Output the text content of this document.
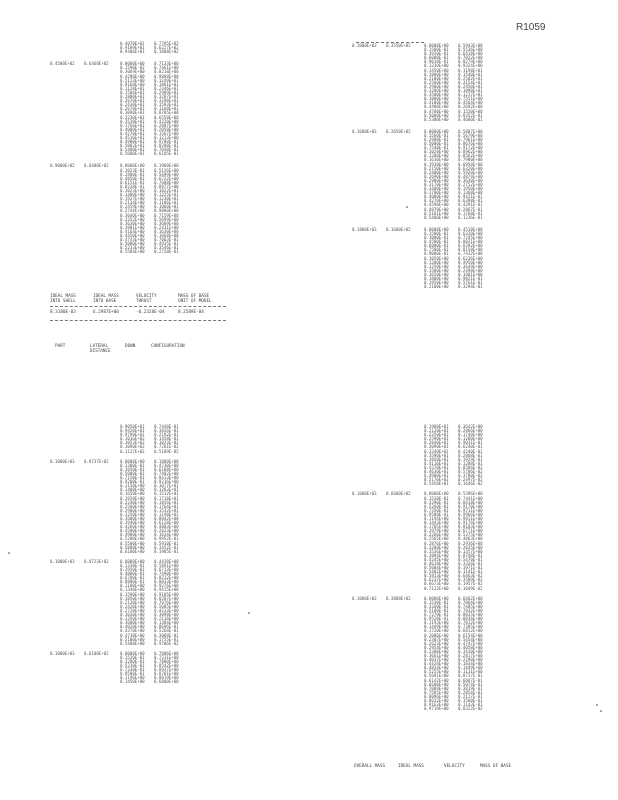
R1059
0.4070E+01 0.7785E+02
0.9189E+01 0.6227E+02
0.9406E+01 0.1888E+02
0.4500E+02 0.6468E+02	0.0000E+00 0.7133E+00
0.1590E-02 0.7461E+00
0.3069E+00 0.8218E+00
0.4290E+00 0.9888E+00
0.5123E+00 0.1249E+01
0.9168E+00 0.1861E+01
0.1120E+01 0.2346E+01
0.1504E+01 0.2989E+01
0.1800E+01 0.3287E+01
0.2070E+01 0.3298E+01
0.2430E+01 0.1593E+01
0.2670E+01 0.1168E+01
0.3090E+01 0.8705E+00
0.3230E+01 0.6550E+00
0.3530E+01 0.4220E+00
0.3766E+01 0.2887E+00
0.4000E+01 0.2058E+00
0.4270E+01 0.1567E+00
0.4516E+01 0.1213E+00
0.4900E+01 0.9780E-01
0.5082E+01 0.8208E-01
0.5400E+01 0.7048E-01
0.5680E+01 0.6185E-01
0.9000E+02 0.6400E+02	0.0000E+00 0.1960E+00
0.1023E-01 0.5126E+00
0.2880E-01 0.5699E+00
0.4850E-01 0.6722E+00
0.6151E-01 0.7688E+00
0.8238E-01 0.8877E+00
0.1023E+00 0.1022E+01
0.1480E+00 0.1225E+01
0.1927E+00 0.1230E+01
0.2134E+00 0.1186E+01
0.2459E+00 0.1060E+01
0.2744E+00 0.9880E+00
0.3040E+00 0.7159E+00
0.3352E+00 0.5699E+00
0.3630E+00 0.3609E+00
0.3901E+00 0.2431E+00
0.4164E+00 0.1630E+00
0.4450E+00 0.1068E+00
0.4743E+00 0.7063E-01
0.5000E+00 0.4935E-01
0.5233E+00 0.3546E-01
0.5584E+00 0.2720E-01
0.1000E+03 0.3550E+02	0.0000E+00 0.5943E+00
0.1500E-01 0.5536E+00
0.3920E-01 0.6418E+00
0.6000E-01 0.7022E+00
0.9010E-01 0.8279E+00
0.1230E+00 0.9324E+00
0.1450E+00 0.1198E+01
0.1800E+00 0.1540E+01
0.2100E+00 0.2582E+01
0.2560E+00 0.3154E+01
0.2900E+00 0.2450E+01
0.3200E+00 0.1898E+01
0.3500E+00 0.1217E+01
0.3800E+00 0.7551E+00
0.4100E+00 0.4564E+00
0.4400E+00 0.2692E+00
0.4700E+00 0.1520E+00
0.5000E+00 0.8352E-01
0.5300E+00 0.4680E-01
0.1600E+03 0.2650E+02	0.0000E+00 0.5887E+00
0.1560E-01 0.5679E+00
0.2988E-01 0.7961E+00
0.5000E-01 0.8676E+00
0.7540E-01 0.9172E+00
0.1028E+00 0.8962E+00
0.1280E+00 0.8562E+00
0.1630E+00 0.7980E+00
0.1930E+00 0.6950E+00
0.2150E+00 0.6320E+00
0.2400E+00 0.5920E+00
0.2690E+00 0.4874E+00
0.2900E+00 0.3630E+00
0.3170E+00 0.2752E+00
0.3400E+00 0.1950E+00
0.3700E+00 0.1368E+00
0.4000E+00 0.9421E-01
0.4270E+00 0.6398E-01
0.4590E+00 0.4291E-01
0.4870E+00 0.2867E-01
0.5181E+00 0.1768E-01
0.5400E+00 0.1236E-01
0.1800E+03 0.1600E+02	0.0000E+00 0.4510E+00
0.1500E-01 0.6320E+00
0.3000E-01 0.7245E+00
0.4500E-01 0.8021E+00
0.6000E-01 0.8392E+00
0.7500E-01 0.8158E+00
0.9000E-01 0.7432E+00
0.1050E+00 0.6236E+00
0.1200E+00 0.4950E+00
0.1350E+00 0.3649E+00
0.1500E+00 0.2498E+00
0.1650E+00 0.1601E+00
0.1800E+00 0.9821E-01
0.1950E+00 0.5761E-01
0.2100E+00 0.3294E-01
0.9050E+01 0.7448E-01
0.9420E+01 0.3826E-01
0.9790E+01 0.2192E-01
0.1016E+02 0.1458E-01
0.1053E+02 0.1023E-01
0.1090E+02 0.7261E-02
0.1127E+02 0.5189E-02
0.1000E+03 0.9737E+02	0.0000E+00 0.1800E+00
0.1300E-01 0.4730E+00
0.3050E-01 0.6188E+00
0.5000E-01 0.7402E+00
0.7150E-01 0.8413E+00
0.9200E-01 0.9216E+00
0.1150E+00 0.1077E+01
0.1400E+00 0.1283E+01
0.1650E+00 0.1512E+01
0.1920E+00 0.1718E+01
0.2240E+00 0.1856E+01
0.2560E+00 0.1764E+01
0.2900E+00 0.1532E+01
0.3250E+00 0.1198E+01
0.3600E+00 0.8842E+00
0.3940E+00 0.6128E+00
0.4260E+00 0.4083E+00
0.4580E+00 0.2623E+00
0.4900E+00 0.1634E+00
0.5200E+00 0.9952E-01
0.5500E+00 0.5910E-01
0.5800E+00 0.3452E-01
0.6100E+00 0.1985E-01
0.1000E+03 0.8723E+02	0.0000E+00 0.4438E+00
0.1330E-01 0.5891E+00
0.2950E-01 0.6713E+00
0.4800E-01 0.7490E+00
0.6700E-01 0.8212E+00
0.8800E-01 0.8833E+00
0.1100E+00 0.9276E+00
0.1340E+00 0.9415E+00
0.1590E+00 0.9105E+00
0.1850E+00 0.8287E+00
0.2130E+00 0.7076E+00
0.2420E+00 0.5685E+00
0.2720E+00 0.4313E+00
0.3030E+00 0.3098E+00
0.3350E+00 0.2116E+00
0.3680E+00 0.1384E+00
0.4020E+00 0.8696E-01
0.4370E+00 0.5268E-01
0.4730E+00 0.3088E-01
0.5100E+00 0.1755E-01
0.5480E+00 0.9706E-02
0.1000E+03 0.6100E+02	0.0000E+00 0.7006E+00
0.1520E-01 0.7231E+00
0.3280E-01 0.7880E+00
0.5210E-01 0.8542E+00
0.7330E-01 0.8937E+00
0.9580E-01 0.8781E+00
0.1196E+00 0.8019E+00
0.1450E+00 0.6800E+00
0.1900E+01 0.3642E+00
0.2120E+01 0.2866E+00
0.2350E+01 0.1740E+00
0.2590E+01 0.1280E+00
0.2840E+01 0.9031E-01
0.3090E+01 0.6240E-01
0.3340E+01 0.4240E-01
0.3590E+01 0.2868E-01
0.3850E+01 0.1929E-01
0.4110E+01 0.1288E-01
0.4370E+01 0.8586E-02
0.4630E+01 0.5706E-02
0.4900E+01 0.3780E-02
0.5170E+01 0.2497E-02
0.5450E+01 0.1646E-02
0.1000E+03 0.6600E+02	0.0000E+00 0.5396E+00
0.1530E-01 0.7441E+00
0.3290E-01 0.8418E+00
0.5260E-01 0.9170E+00
0.7350E-01 0.9711E+00
0.9580E-01 0.9966E+00
0.1194E+00 0.9811E+00
0.1443E+00 0.9176E+00
0.1705E+00 0.8103E+00
0.1979E+00 0.6771E+00
0.2266E+00 0.5375E+00
0.2565E+00 0.4063E+00
0.2876E+00 0.2936E+00
0.3200E+00 0.2035E+00
0.3536E+00 0.1357E+00
0.3884E+00 0.8748E-01
0.4245E+00 0.5470E-01
0.4618E+00 0.3326E-01
0.5004E+00 0.1971E-01
0.5402E+00 0.1141E-01
0.5813E+00 0.6463E-02
0.6237E+00 0.3589E-02
0.6673E+00 0.1957E-02
0.7122E+00 0.1049E-02
0.1000E+03 0.3888E+02	0.0000E+00 0.6602E+00
0.1530E-01 0.7064E+00
0.3260E-01 0.7485E+00
0.5180E-01 0.7832E+00
0.7270E-01 0.8035E+00
0.9520E-01 0.8036E+00
0.1193E+00 0.7812E+00
0.1449E+00 0.7385E+00
0.1720E+00 0.6812E+00
0.2006E+00 0.6154E+00
0.2307E+00 0.5454E+00
0.2623E+00 0.4747E+00
0.2954E+00 0.4058E+00
0.3300E+00 0.3410E+00
0.3661E+00 0.2817E+00
0.4037E+00 0.2290E+00
0.4428E+00 0.1834E+00
0.4834E+00 0.1449E+00
0.5255E+00 0.1131E+00
0.5691E+00 0.8737E-01
0.6142E+00 0.6687E-01
0.6608E+00 0.5074E-01
0.7089E+00 0.3819E-01
0.7585E+00 0.2854E-01
0.8096E+00 0.2117E-01
0.8622E+00 0.1560E-01
0.9163E+00 0.1143E-01
0.9719E+00 0.8322E-02
IDEAL MASS	IDEAL MASS	VELOCITY	MASS OF BASE
INTO SHELL	INTO BASE	THRUST	UNIT OF MODEL
8.3180E-03	6.2987E+00	-0.2328E-04	8.2589E-04
PART	LATERAL	DOWN	CONFIGURATION
DISTANCE
OVERALL MASS	IDEAL MASS	VELOCITY	MASS OF BASE
